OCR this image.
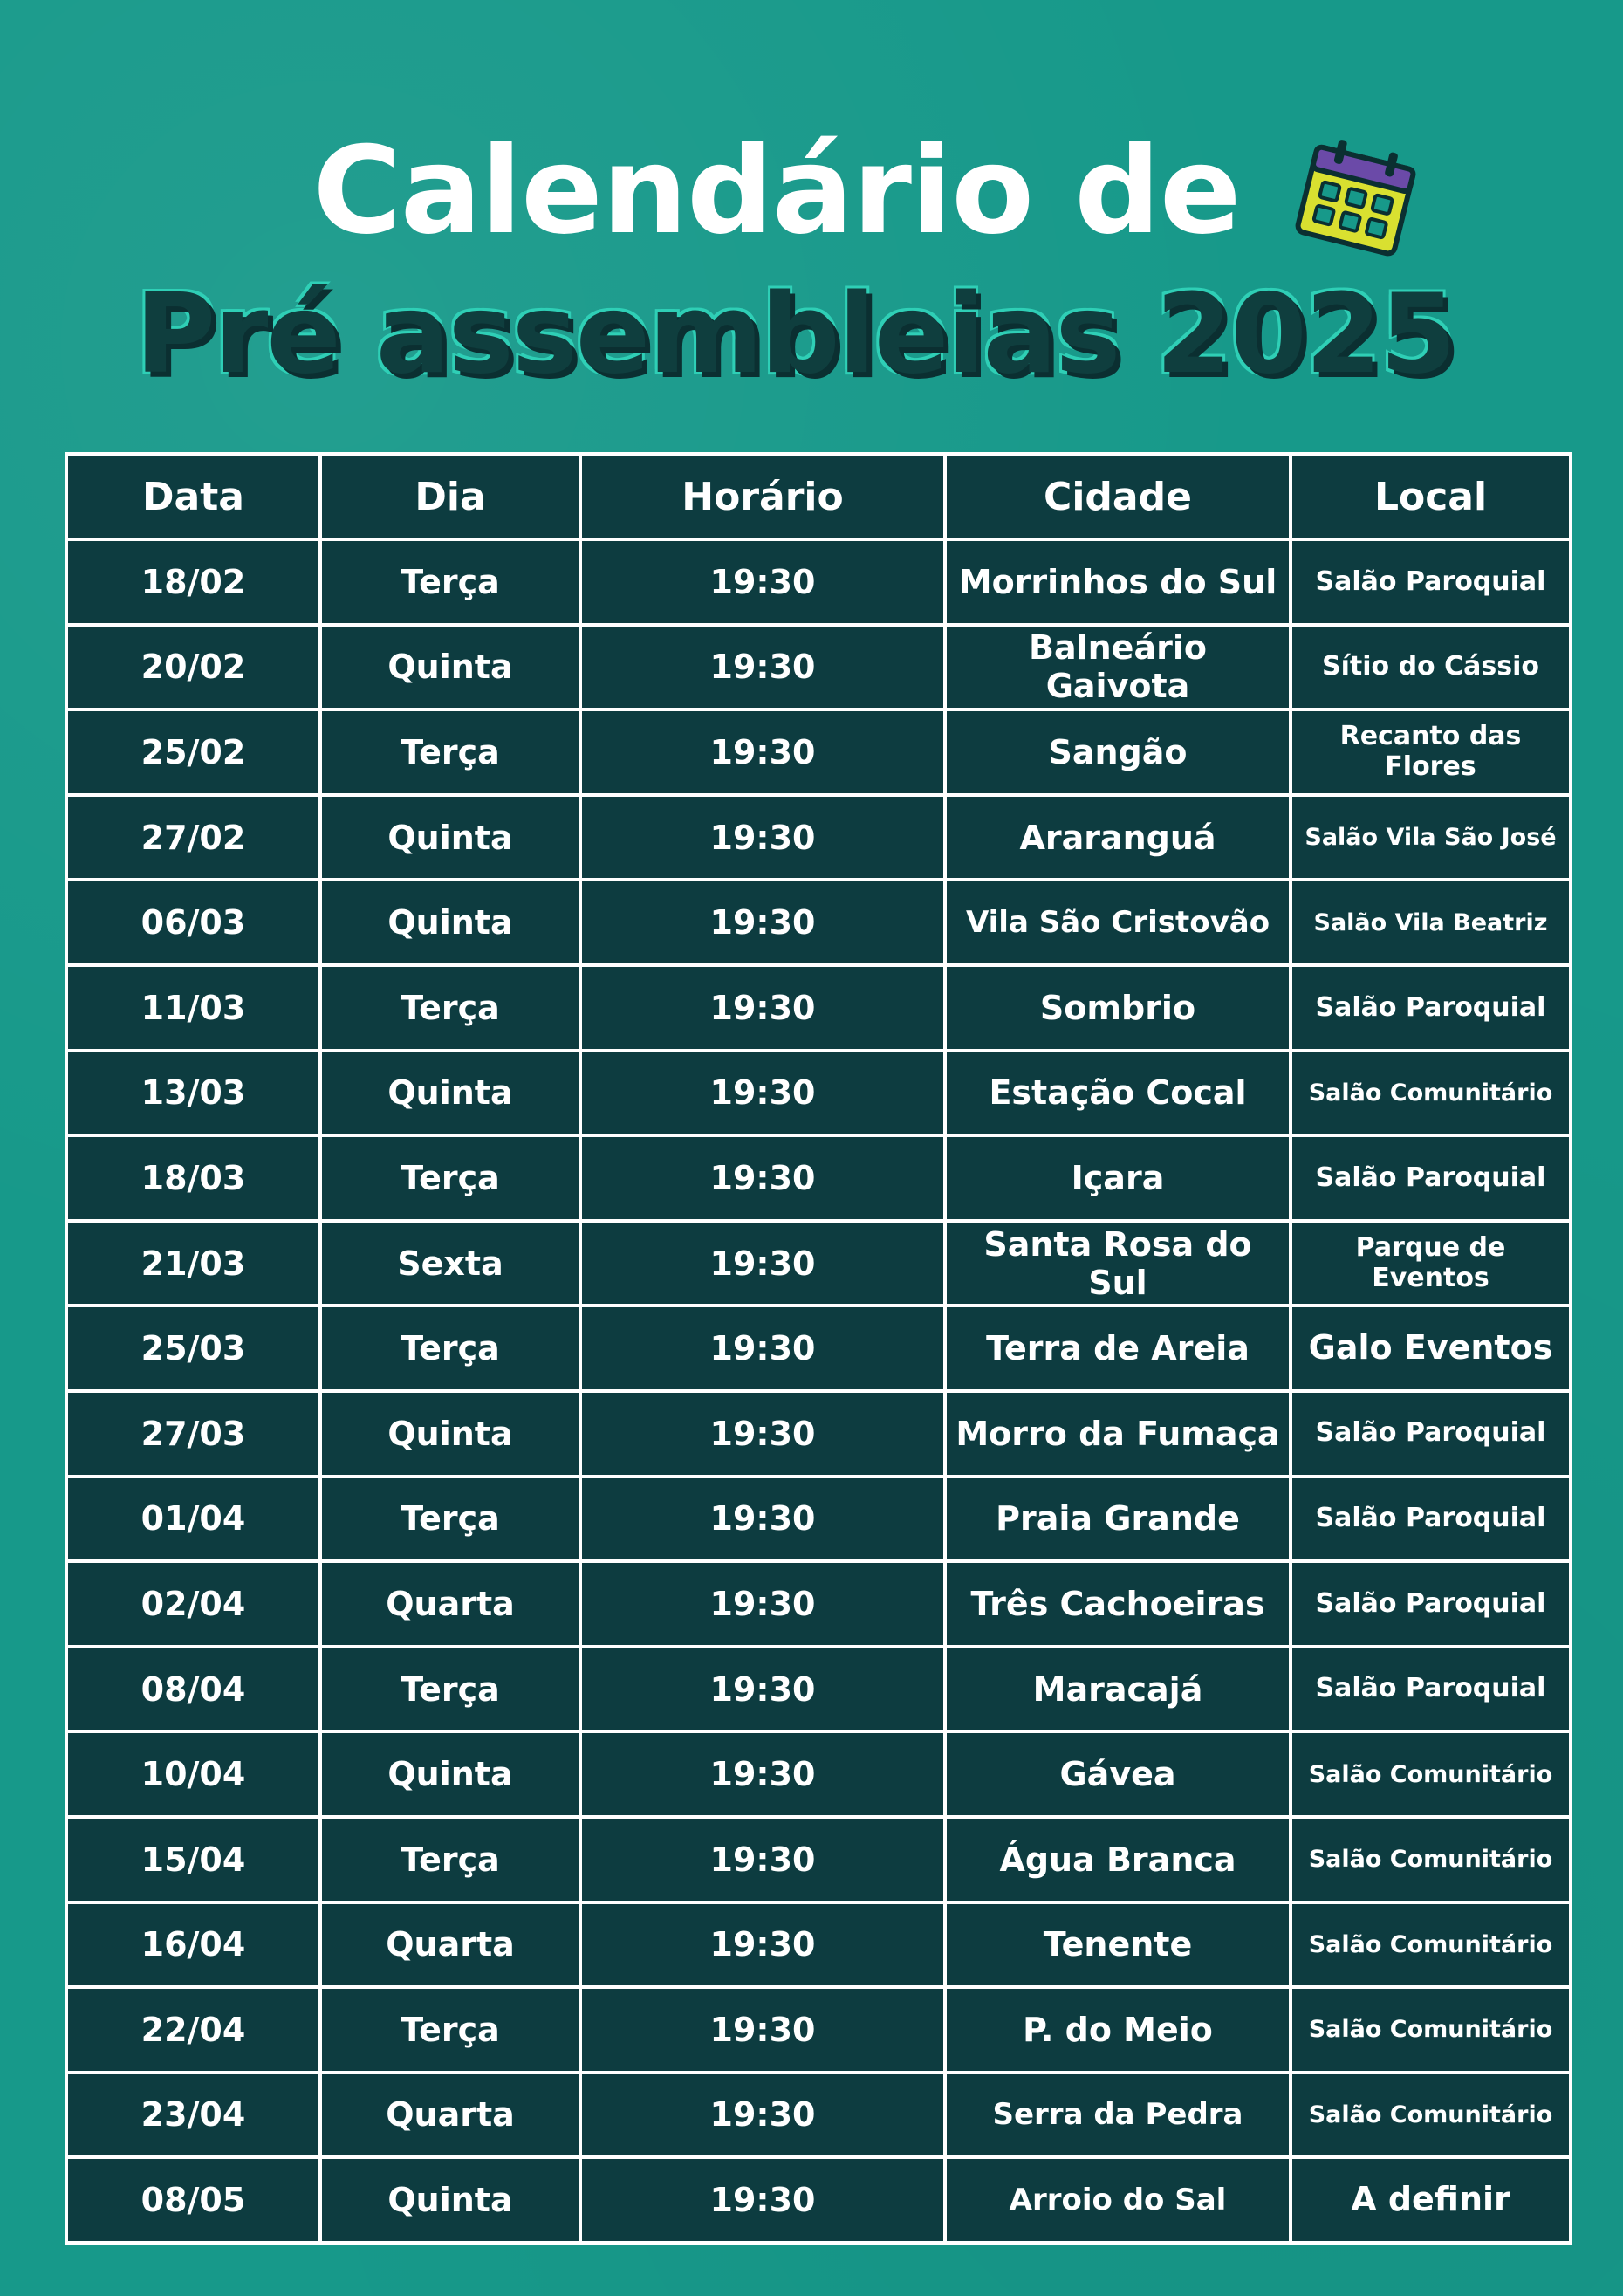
Calendário de
Pré assembleias 2025
Data	Dia	Horário	Cidade	Local
18/02	Terça	19:30	Morrinhos do Sul	Salão Paroquial
20/02	Quinta	19:30	Balneário Gaivota	Sítio do Cássio
25/02	Terça	19:30	Sangão	Recanto das Flores
27/02	Quinta	19:30	Araranguá	Salão Vila São José
06/03	Quinta	19:30	Vila São Cristovão	Salão Vila Beatriz
11/03	Terça	19:30	Sombrio	Salão Paroquial
13/03	Quinta	19:30	Estação Cocal	Salão Comunitário
18/03	Terça	19:30	Içara	Salão Paroquial
21/03	Sexta	19:30	Santa Rosa do Sul	Parque de Eventos
25/03	Terça	19:30	Terra de Areia	Galo Eventos
27/03	Quinta	19:30	Morro da Fumaça	Salão Paroquial
01/04	Terça	19:30	Praia Grande	Salão Paroquial
02/04	Quarta	19:30	Três Cachoeiras	Salão Paroquial
08/04	Terça	19:30	Maracajá	Salão Paroquial
10/04	Quinta	19:30	Gávea	Salão Comunitário
15/04	Terça	19:30	Água Branca	Salão Comunitário
16/04	Quarta	19:30	Tenente	Salão Comunitário
22/04	Terça	19:30	P. do Meio	Salão Comunitário
23/04	Quarta	19:30	Serra da Pedra	Salão Comunitário
08/05	Quinta	19:30	Arroio do Sal	A definir
